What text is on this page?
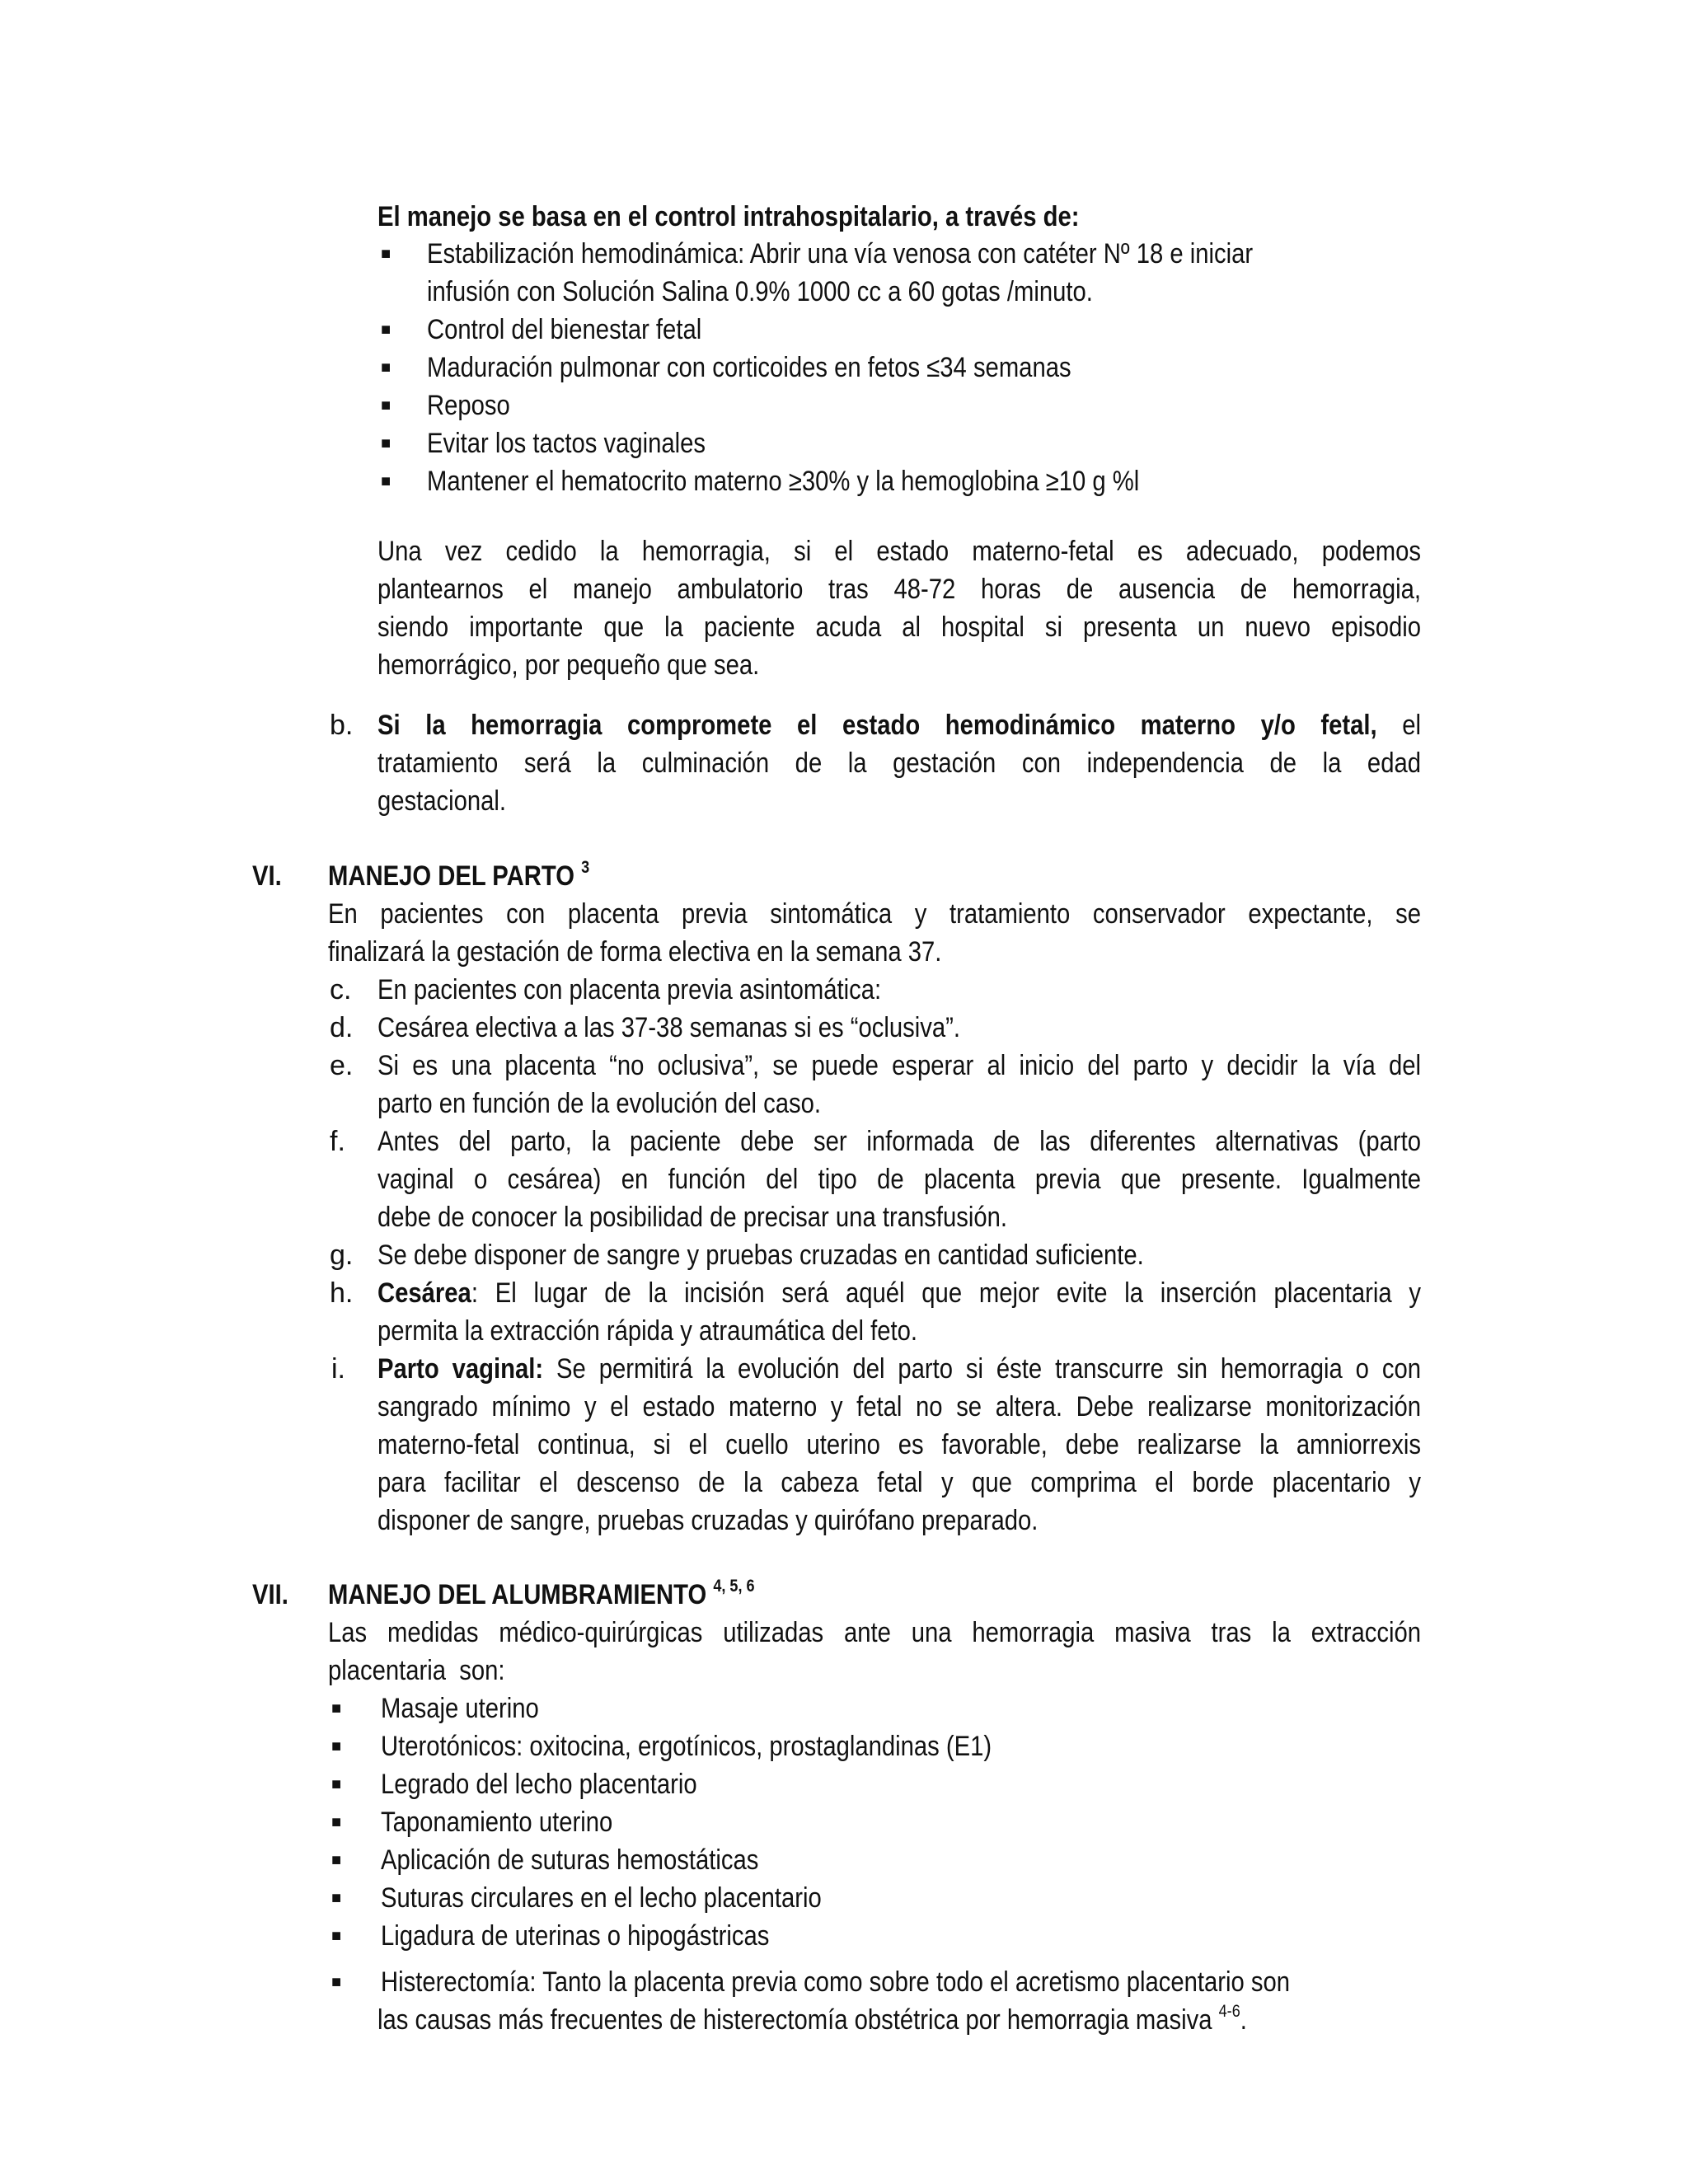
El manejo se basa en el control intrahospitalario, a través de:
■ Estabilización hemodinámica: Abrir una vía venosa con catéter Nº 18 e iniciar
infusión con Solución Salina 0.9% 1000 cc a 60 gotas /minuto.
■ Control del bienestar fetal
■ Maduración pulmonar con corticoides en fetos ≤34 semanas
■ Reposo
■ Evitar los tactos vaginales
■ Mantener el hematocrito materno ≥30% y la hemoglobina ≥10 g %l
Una vez cedido la hemorragia, si el estado materno-fetal es adecuado, podemos
plantearnos el manejo ambulatorio tras 48-72 horas de ausencia de hemorragia,
siendo importante que la paciente acuda al hospital si presenta un nuevo episodio
hemorrágico, por pequeño que sea.
b. Si la hemorragia compromete el estado hemodinámico materno y/o fetal, el
tratamiento será la culminación de la gestación con independencia de la edad
gestacional.
VI. MANEJO DEL PARTO $^3$
En pacientes con placenta previa sintomática y tratamiento conservador expectante, se
finalizará la gestación de forma electiva en la semana 37.
c. En pacientes con placenta previa asintomática:
d. Cesárea electiva a las 37-38 semanas si es “oclusiva”.
e. Si es una placenta “no oclusiva”, se puede esperar al inicio del parto y decidir la vía del
parto en función de la evolución del caso.
f. Antes del parto, la paciente debe ser informada de las diferentes alternativas (parto
vaginal o cesárea) en función del tipo de placenta previa que presente. Igualmente
debe de conocer la posibilidad de precisar una transfusión.
g. Se debe disponer de sangre y pruebas cruzadas en cantidad suficiente.
h. Cesárea: El lugar de la incisión será aquél que mejor evite la inserción placentaria y
permita la extracción rápida y atraumática del feto.
i. Parto vaginal: Se permitirá la evolución del parto si éste transcurre sin hemorragia o con
sangrado mínimo y el estado materno y fetal no se altera. Debe realizarse monitorización
materno-fetal continua, si el cuello uterino es favorable, debe realizarse la amniorrexis
para facilitar el descenso de la cabeza fetal y que comprima el borde placentario y
disponer de sangre, pruebas cruzadas y quirófano preparado.
VII. MANEJO DEL ALUMBRAMIENTO $^{4, 5, 6}$
Las medidas médico-quirúrgicas utilizadas ante una hemorragia masiva tras la extracción
placentaria  son:
■ Masaje uterino
■ Uterotónicos: oxitocina, ergotínicos, prostaglandinas (E1)
■ Legrado del lecho placentario
■ Taponamiento uterino
■ Aplicación de suturas hemostáticas
■ Suturas circulares en el lecho placentario
■ Ligadura de uterinas o hipogástricas
■ Histerectomía: Tanto la placenta previa como sobre todo el acretismo placentario son
las causas más frecuentes de histerectomía obstétrica por hemorragia masiva $^{4-6}$.
